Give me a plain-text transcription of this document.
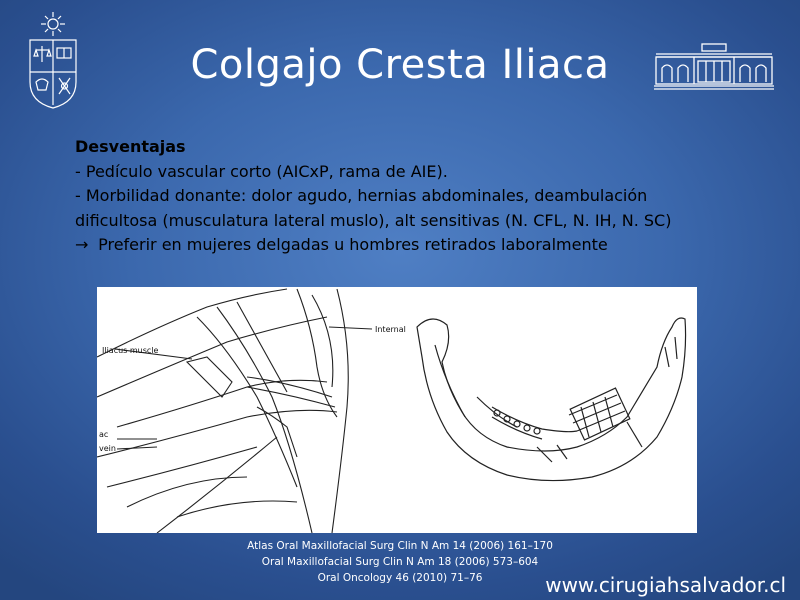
Colgajo Cresta Iliaca
Desventajas
- Pedículo vascular corto (AICxP, rama de AIE).
- Morbilidad donante: dolor agudo, hernias abdominales, deambulación
dificultosa (musculatura lateral muslo), alt sensitivas (N. CFL, N. IH, N. SC)
→ Preferir en mujeres delgadas u hombres retirados laboralmente
Internal
Iliacus muscle
ac
vein
Atlas Oral Maxillofacial Surg Clin N Am 14 (2006) 161–170
Oral Maxillofacial Surg Clin N Am 18 (2006) 573–604
Oral Oncology 46 (2010) 71–76	www.cirugiahsalvador.cl
